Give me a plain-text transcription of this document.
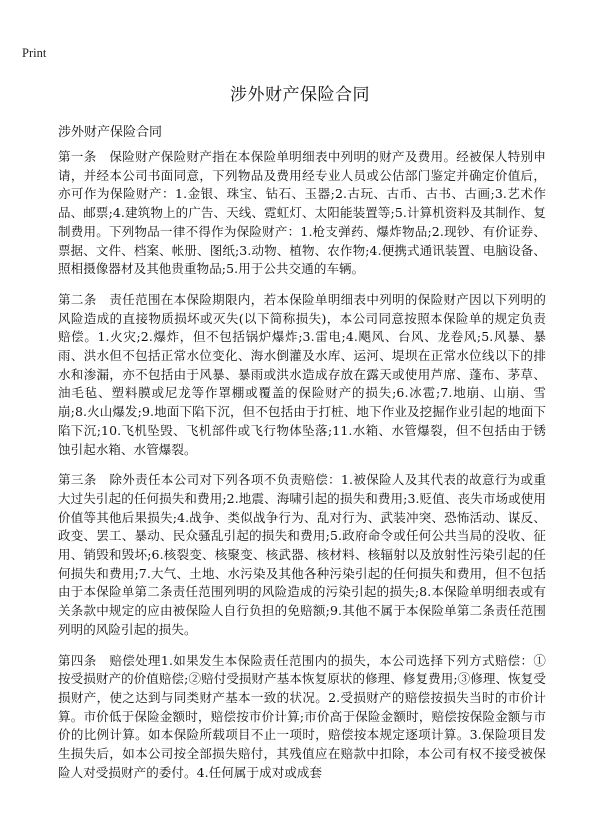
Print
涉外财产保险合同

涉外财产保险合同

第一条　保险财产保险财产指在本保险单明细表中列明的财产及费用。经被保人特别申请，并经本公司书面同意，下列物品及费用经专业人员或公估部门鉴定并确定价值后，亦可作为保险财产：1.金银、珠宝、钻石、玉器;2.古玩、古币、古书、古画;3.艺术作品、邮票;4.建筑物上的广告、天线、霓虹灯、太阳能装置等;5.计算机资料及其制作、复制费用。下列物品一律不得作为保险财产：1.枪支弹药、爆炸物品;2.现钞、有价证券、票据、文件、档案、帐册、图纸;3.动物、植物、农作物;4.便携式通讯装置、电脑设备、照相摄像器材及其他贵重物品;5.用于公共交通的车辆。

第二条　责任范围在本保险期限内，若本保险单明细表中列明的保险财产因以下列明的风险造成的直接物质损坏或灭失(以下简称损失)，本公司同意按照本保险单的规定负责赔偿。1.火灾;2.爆炸，但不包括锅炉爆炸;3.雷电;4.飓风、台风、龙卷风;5.风暴、暴雨、洪水但不包括正常水位变化、海水倒灌及水库、运河、堤坝在正常水位线以下的排水和渗漏，亦不包括由于风暴、暴雨或洪水造成存放在露天或使用芦席、蓬布、茅草、油毛毡、塑料膜或尼龙等作罩棚或覆盖的保险财产的损失;6.冰雹;7.地崩、山崩、雪崩;8.火山爆发;9.地面下陷下沉，但不包括由于打桩、地下作业及挖掘作业引起的地面下陷下沉;10.飞机坠毁、飞机部件或飞行物体坠落;11.水箱、水管爆裂，但不包括由于锈蚀引起水箱、水管爆裂。

第三条　除外责任本公司对下列各项不负责赔偿：1.被保险人及其代表的故意行为或重大过失引起的任何损失和费用;2.地震、海啸引起的损失和费用;3.贬值、丧失市场或使用价值等其他后果损失;4.战争、类似战争行为、乱对行为、武装冲突、恐怖活动、谋反、政变、罢工、暴动、民众骚乱引起的损失和费用;5.政府命令或任何公共当局的没收、征用、销毁和毁坏;6.核裂变、核聚变、核武器、核材料、核辐射以及放射性污染引起的任何损失和费用;7.大气、土地、水污染及其他各种污染引起的任何损失和费用，但不包括由于本保险单第二条责任范围列明的风险造成的污染引起的损失;8.本保险单明细表或有关条款中规定的应由被保险人自行负担的免赔额;9.其他不属于本保险单第二条责任范围列明的风险引起的损失。

第四条　赔偿处理1.如果发生本保险责任范围内的损失，本公司选择下列方式赔偿：①按受损财产的价值赔偿;②赔付受损财产基本恢复原状的修理、修复费用;③修理、恢复受损财产，使之达到与同类财产基本一致的状况。2.受损财产的赔偿按损失当时的市价计算。市价低于保险金额时，赔偿按市价计算;市价高于保险金额时，赔偿按保险金额与市价的比例计算。如本保险所载项目不止一项时，赔偿按本规定逐项计算。3.保险项目发生损失后，如本公司按全部损失赔付，其残值应在赔款中扣除，本公司有权不接受被保险人对受损财产的委付。4.任何属于成对或成套
